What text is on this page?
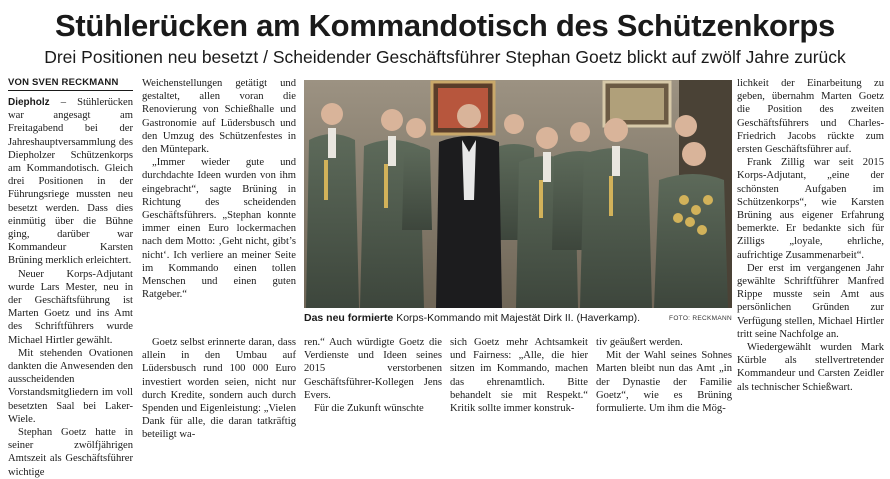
Stühlerücken am Kommandotisch des Schützenkorps
Drei Positionen neu besetzt / Scheidender Geschäftsführer Stephan Goetz blickt auf zwölf Jahre zurück
VON SVEN RECKMANN

Diepholz – Stühlerücken war angesagt am Freitagabend bei der Jahreshauptversammlung des Diepholzer Schützenkorps am Kommandotisch. Gleich drei Positionen in der Führungsriege mussten neu besetzt werden. Dass dies einmütig über die Bühne ging, darüber war Kommandeur Karsten Brüning merklich erleichtert.

Neuer Korps-Adjutant wurde Lars Mester, neu in der Geschäftsführung ist Marten Goetz und ins Amt des Schriftführers wurde Michael Hirtler gewählt.

Mit stehenden Ovationen dankten die Anwesenden den ausscheidenden Vorstandsmitgliedern im voll besetzten Saal bei Laker-Wiele.

Stephan Goetz hatte in seiner zwölfjährigen Amtszeit als Geschäftsführer wichtige

Weichenstellungen getätigt und gestaltet, allen voran die Renovierung von Schießhalle und Gastronomie auf Lüdersbusch und den Umzug des Schützenfestes in den Müntepark.

„Immer wieder gute und durchdachte Ideen wurden von ihm eingebracht“, sagte Brüning in Richtung des scheidenden Geschäftsführers. „Stephan konnte immer einen Euro lockermachen nach dem Motto: ‚Geht nicht, gibt’s nicht‘. Ich verliere an meiner Seite im Kommando einen tollen Menschen und einen guten Ratgeber.“

Goetz selbst erinnerte daran, dass allein in den Umbau auf Lüdersbusch rund 100 000 Euro investiert worden seien, nicht nur durch Kredite, sondern auch durch Spenden und Eigenleistung: „Vielen Dank für alle, die daran tatkräftig beteiligt wa-

Das neu formierte Korps-Kommando mit Majestät Dirk II. (Haverkamp).	FOTO: RECKMANN

ren.“ Auch würdigte Goetz die Verdienste und Ideen seines 2015 verstorbenen Geschäftsführer-Kollegen Jens Evers.

Für die Zukunft wünschte

sich Goetz mehr Achtsamkeit und Fairness: „Alle, die hier sitzen im Kommando, machen das ehrenamtlich. Bitte behandelt sie mit Respekt.“ Kritik sollte immer konstruk-

tiv geäußert werden.

Mit der Wahl seines Sohnes Marten bleibt nun das Amt „in der Dynastie der Familie Goetz“, wie es Brüning formulierte. Um ihm die Mög-

lichkeit der Einarbeitung zu geben, übernahm Marten Goetz die Position des zweiten Geschäftsführers und Charles-Friedrich Jacobs rückte zum ersten Geschäftsführer auf.

Frank Zillig war seit 2015 Korps-Adjutant, „eine der schönsten Aufgaben im Schützenkorps“, wie Karsten Brüning aus eigener Erfahrung bemerkte. Er bedankte sich für Zilligs „loyale, ehrliche, aufrichtige Zusammenarbeit“.

Der erst im vergangenen Jahr gewählte Schriftführer Manfred Rippe musste sein Amt aus persönlichen Gründen zur Verfügung stellen, Michael Hirtler tritt seine Nachfolge an.

Wiedergewählt wurden Mark Kürble als stellvertretender Kommandeur und Carsten Zeidler als technischer Schießwart.
